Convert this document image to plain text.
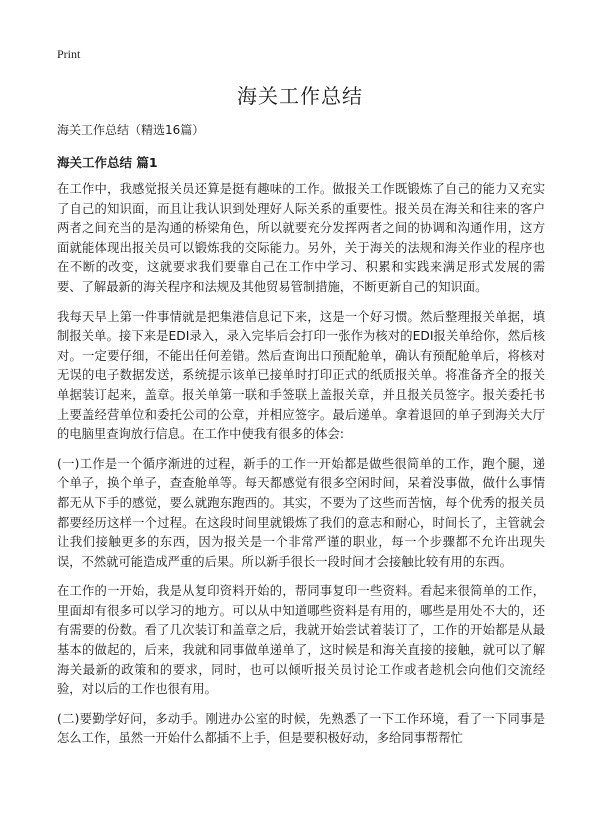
Print
海关工作总结

海关工作总结（精选16篇）

海关工作总结 篇1

在工作中，我感觉报关员还算是挺有趣味的工作。做报关工作既锻炼了自己的能力又充实了自己的知识面，而且让我认识到处理好人际关系的重要性。报关员在海关和往来的客户两者之间充当的是沟通的桥梁角色，所以就要充分发挥两者之间的协调和沟通作用，这方面就能体现出报关员可以锻炼我的交际能力。另外，关于海关的法规和海关作业的程序也在不断的改变，这就要求我们要靠自己在工作中学习、积累和实践来满足形式发展的需要、了解最新的海关程序和法规及其他贸易管制措施，不断更新自己的知识面。

我每天早上第一件事情就是把集港信息记下来，这是一个好习惯。然后整理报关单据，填制报关单。接下来是EDI录入，录入完毕后会打印一张作为核对的EDI报关单给你，然后核对。一定要仔细，不能出任何差错。然后查询出口预配舱单，确认有预配舱单后，将核对无误的电子数据发送，系统提示该单已接单时打印正式的纸质报关单。将准备齐全的报关单据装订起来，盖章。报关单第一联和手签联上盖报关章，并且报关员签字。报关委托书上要盖经营单位和委托公司的公章，并相应签字。最后递单。拿着退回的单子到海关大厅的电脑里查询放行信息。在工作中使我有很多的体会:

(一)工作是一个循序渐进的过程，新手的工作一开始都是做些很简单的工作，跑个腿，递个单子，换个单子，查查舱单等。每天都感觉有很多空闲时间，呆着没事做，做什么事情都无从下手的感觉，要么就跑东跑西的。其实，不要为了这些而苦恼，每个优秀的报关员都要经历这样一个过程。在这段时间里就锻炼了我们的意志和耐心，时间长了，主管就会让我们接触更多的东西，因为报关是一个非常严谨的职业，每一个步骤都不允许出现失误，不然就可能造成严重的后果。所以新手很长一段时间才会接触比较有用的东西。

在工作的一开始，我是从复印资料开始的，帮同事复印一些资料。看起来很简单的工作，里面却有很多可以学习的地方。可以从中知道哪些资料是有用的，哪些是用处不大的，还有需要的份数。看了几次装订和盖章之后，我就开始尝试着装订了，工作的开始都是从最基本的做起的，后来，我就和同事做单递单了，这时候是和海关直接的接触，就可以了解海关最新的政策和的要求，同时，也可以倾听报关员讨论工作或者趁机会向他们交流经验，对以后的工作也很有用。

(二)要勤学好问，多动手。刚进办公室的时候，先熟悉了一下工作环境，看了一下同事是怎么工作，虽然一开始什么都插不上手，但是要积极好动，多给同事帮帮忙
